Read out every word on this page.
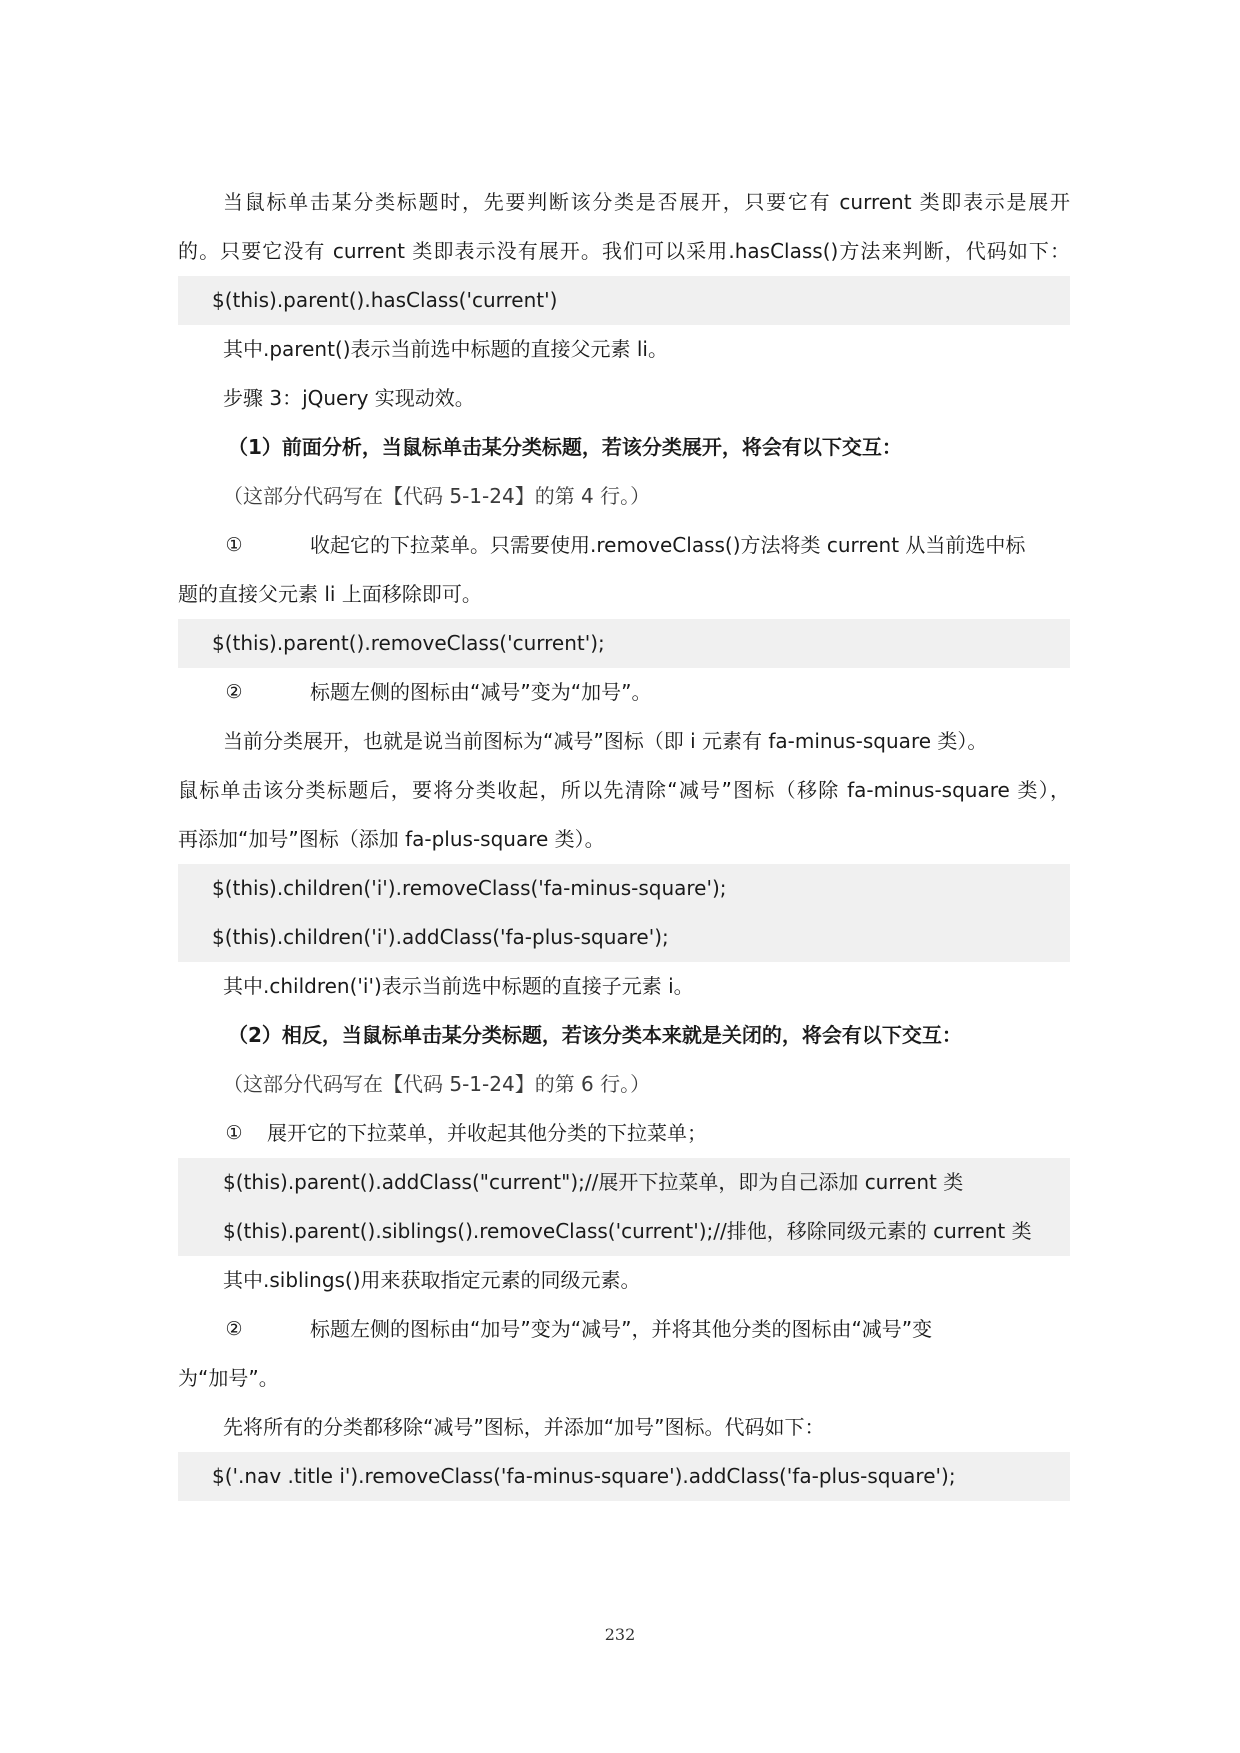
当鼠标单击某分类标题时，先要判断该分类是否展开，只要它有 current 类即表示是展开
的。只要它没有 current 类即表示没有展开。我们可以采用.hasClass()方法来判断，代码如下：
$(this).parent().hasClass('current')
其中.parent()表示当前选中标题的直接父元素 li。
步骤 3：jQuery 实现动效。
（1）前面分析，当鼠标单击某分类标题，若该分类展开，将会有以下交互：
（这部分代码写在【代码 5-1-24】的第 4 行。）
①	收起它的下拉菜单。只需要使用.removeClass()方法将类 current 从当前选中标
题的直接父元素 li 上面移除即可。
$(this).parent().removeClass('current');
②	标题左侧的图标由“减号”变为“加号”。
当前分类展开，也就是说当前图标为“减号”图标（即 i 元素有 fa-minus-square 类）。
鼠标单击该分类标题后，要将分类收起，所以先清除“减号”图标（移除 fa-minus-square 类），
再添加“加号”图标（添加 fa-plus-square 类）。
$(this).children('i').removeClass('fa-minus-square');
$(this).children('i').addClass('fa-plus-square');
其中.children('i')表示当前选中标题的直接子元素 i。
（2）相反，当鼠标单击某分类标题，若该分类本来就是关闭的，将会有以下交互：
（这部分代码写在【代码 5-1-24】的第 6 行。）
① 展开它的下拉菜单，并收起其他分类的下拉菜单；
$(this).parent().addClass("current");//展开下拉菜单，即为自己添加 current 类
$(this).parent().siblings().removeClass('current');//排他，移除同级元素的 current 类
其中.siblings()用来获取指定元素的同级元素。
②	标题左侧的图标由“加号”变为“减号”，并将其他分类的图标由“减号”变
为“加号”。
先将所有的分类都移除“减号”图标，并添加“加号”图标。代码如下：
$('.nav .title i').removeClass('fa-minus-square').addClass('fa-plus-square');
232
